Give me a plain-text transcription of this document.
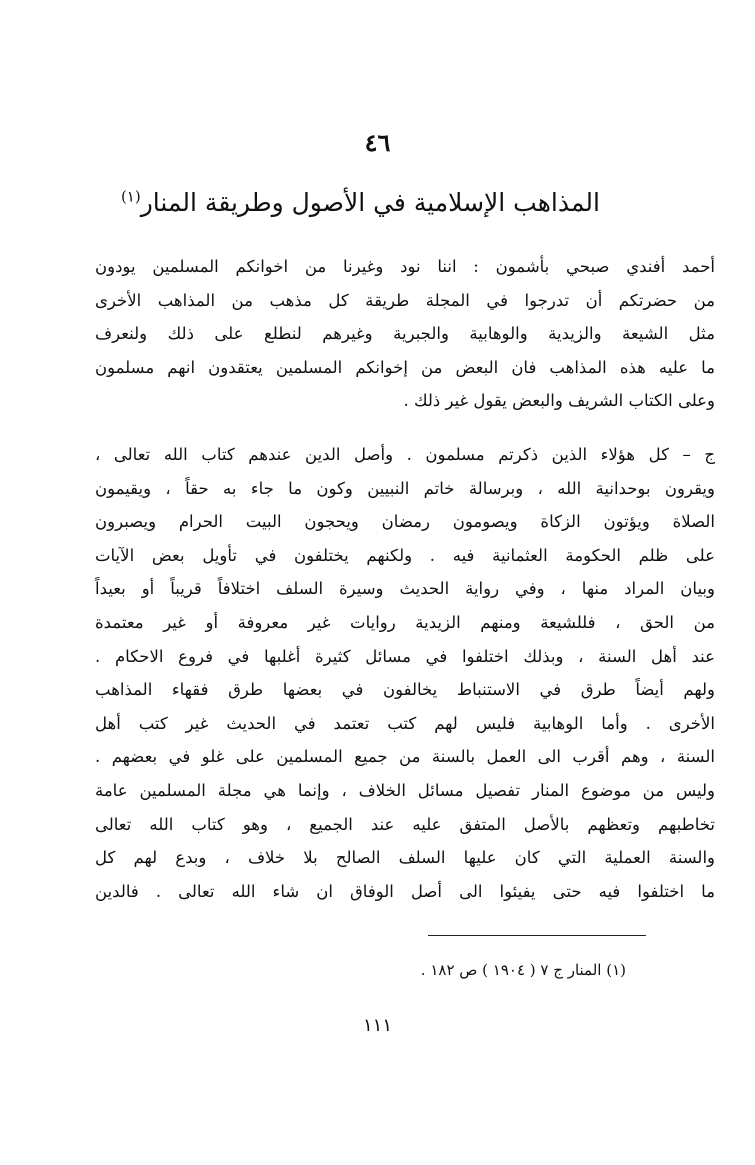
٤٦
المذاهب الإسلامية في الأصول وطريقة المنار$^{(١)}$
أحمد أفندي صبحي بأشمون : اننا نود وغيرنا من اخوانكم المسلمين يودون
من حضرتكم أن تدرجوا في المجلة طريقة كل مذهب من المذاهب الأخرى
مثل الشيعة والزيدية والوهابية والجبرية وغيرهم لنطلع على ذلك ولنعرف
ما عليه هذه المذاهب فان البعض من إخوانكم المسلمين يعتقدون انهم مسلمون
وعلى الكتاب الشريف والبعض يقول غير ذلك .
ج – كل هؤلاء الذين ذكرتم مسلمون . وأصل الدين عندهم كتاب الله تعالى ،
ويقرون بوحدانية الله ، وبرسالة خاتم النبيين وكون ما جاء به حقاً ، ويقيمون
الصلاة ويؤتون الزكاة ويصومون رمضان ويحجون البيت الحرام ويصبرون
على ظلم الحكومة العثمانية فيه . ولكنهم يختلفون في تأويل بعض الآيات
وبيان المراد منها ، وفي رواية الحديث وسيرة السلف اختلافاً قريباً أو بعيداً
من الحق ، فللشيعة ومنهم الزيدية روايات غير معروفة أو غير معتمدة
عند أهل السنة ، وبذلك اختلفوا في مسائل كثيرة أغلبها في فروع الاحكام .
ولهم أيضاً طرق في الاستنباط يخالفون في بعضها طرق فقهاء المذاهب
الأخرى . وأما الوهابية فليس لهم كتب تعتمد في الحديث غير كتب أهل
السنة ، وهم أقرب الى العمل بالسنة من جميع المسلمين على غلو في بعضهم .
وليس من موضوع المنار تفصيل مسائل الخلاف ، وإنما هي مجلة المسلمين عامة
تخاطبهم وتعظهم بالأصل المتفق عليه عند الجميع ، وهو كتاب الله تعالى
والسنة العملية التي كان عليها السلف الصالح بلا خلاف ، وبدع لهم كل
ما اختلفوا فيه حتى يفيئوا الى أصل الوفاق ان شاء الله تعالى . فالدين
(١) المنار ج ٧ ( ١٩٠٤ ) ص ١٨٢ .
١١١
